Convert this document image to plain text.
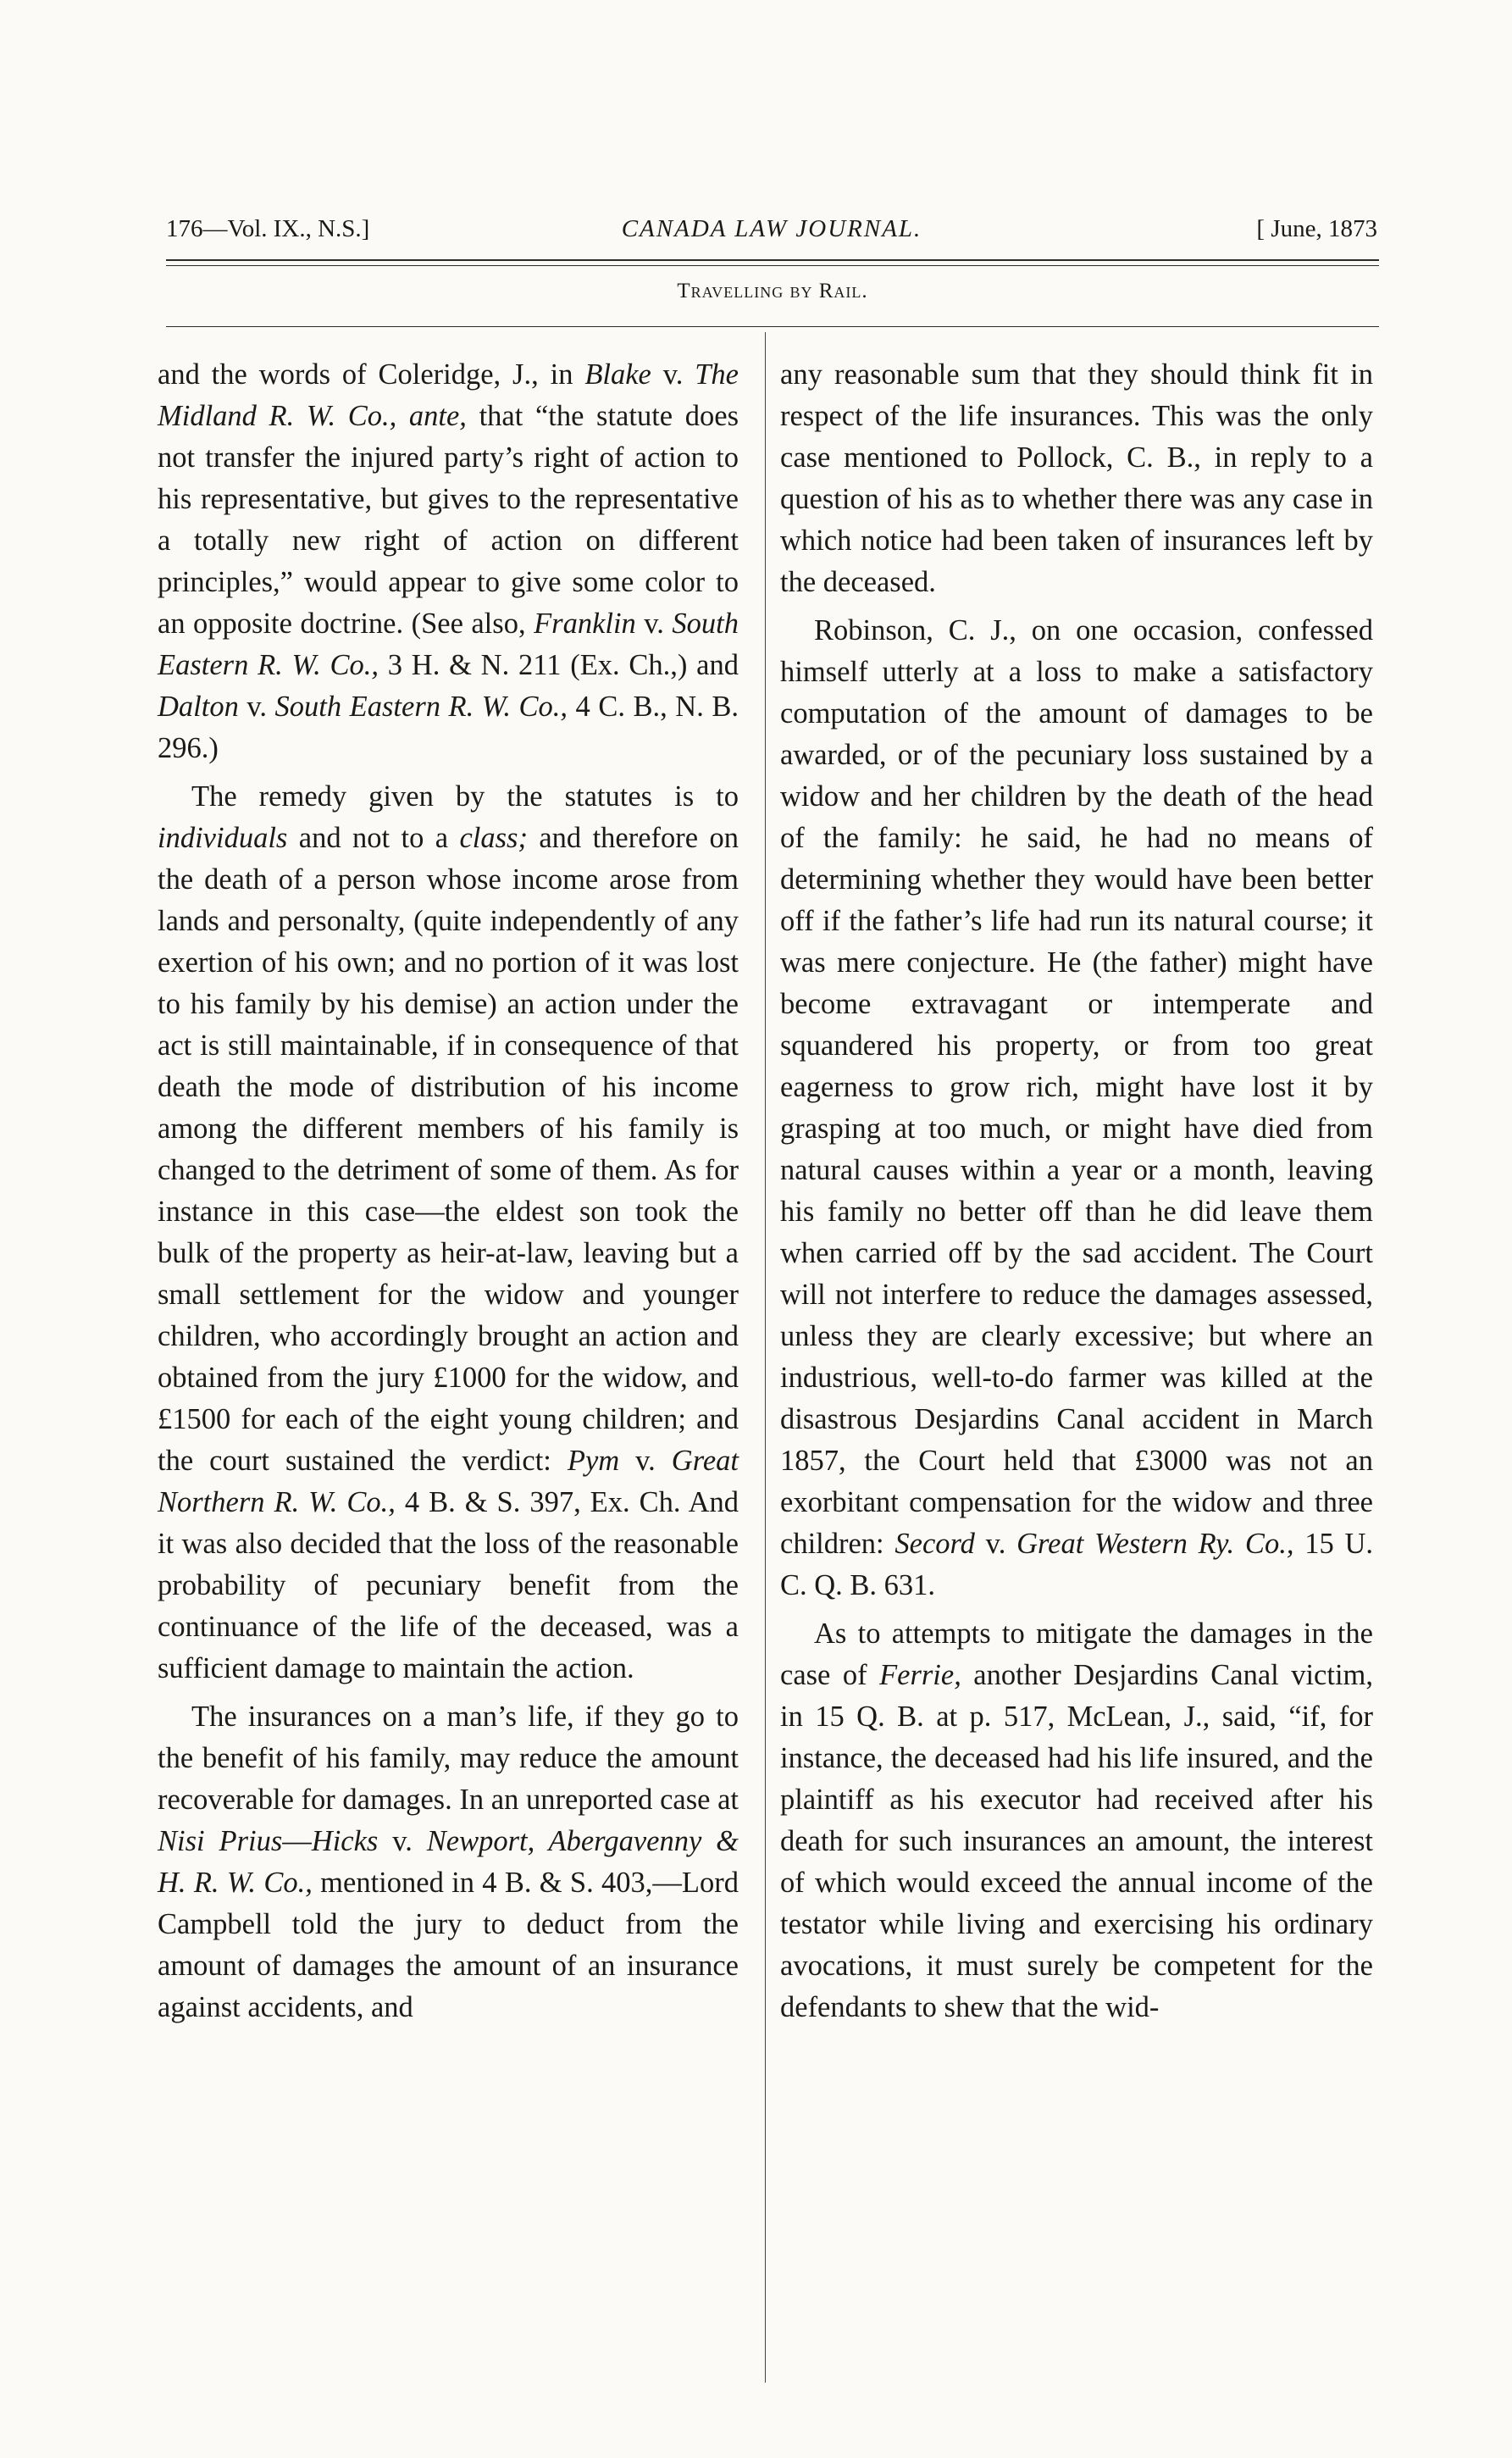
176—Vol. IX., N.S.]	CANADA LAW JOURNAL.	[ June, 1873
Travelling by Rail.

and the words of Coleridge, J., in Blake v. The Midland R. W. Co., ante, that “the statute does not transfer the injured party’s right of action to his representative, but gives to the representative a totally new right of action on different principles,” would appear to give some color to an opposite doctrine. (See also, Franklin v. South Eastern R. W. Co., 3 H. & N. 211 (Ex. Ch.,) and Dalton v. South Eastern R. W. Co., 4 C. B., N. B. 296.)

The remedy given by the statutes is to individuals and not to a class; and therefore on the death of a person whose income arose from lands and personalty, (quite independently of any exertion of his own; and no portion of it was lost to his family by his demise) an action under the act is still maintainable, if in consequence of that death the mode of distribution of his income among the different members of his family is changed to the detriment of some of them. As for instance in this case—the eldest son took the bulk of the property as heir-at-law, leaving but a small settlement for the widow and younger children, who accordingly brought an action and obtained from the jury £1000 for the widow, and £1500 for each of the eight young children; and the court sustained the verdict: Pym v. Great Northern R. W. Co., 4 B. & S. 397, Ex. Ch. And it was also decided that the loss of the reasonable probability of pecuniary benefit from the continuance of the life of the deceased, was a sufficient damage to maintain the action.

The insurances on a man’s life, if they go to the benefit of his family, may reduce the amount recoverable for damages. In an unreported case at Nisi Prius—Hicks v. Newport, Abergavenny & H. R. W. Co., mentioned in 4 B. & S. 403,—Lord Campbell told the jury to deduct from the amount of damages the amount of an insurance against accidents, and

any reasonable sum that they should think fit in respect of the life insurances. This was the only case mentioned to Pollock, C. B., in reply to a question of his as to whether there was any case in which notice had been taken of insurances left by the deceased.

Robinson, C. J., on one occasion, confessed himself utterly at a loss to make a satisfactory computation of the amount of damages to be awarded, or of the pecuniary loss sustained by a widow and her children by the death of the head of the family: he said, he had no means of determining whether they would have been better off if the father’s life had run its natural course; it was mere conjecture. He (the father) might have become extravagant or intemperate and squandered his property, or from too great eagerness to grow rich, might have lost it by grasping at too much, or might have died from natural causes within a year or a month, leaving his family no better off than he did leave them when carried off by the sad accident. The Court will not interfere to reduce the damages assessed, unless they are clearly excessive; but where an industrious, well-to-do farmer was killed at the disastrous Desjardins Canal accident in March 1857, the Court held that £3000 was not an exorbitant compensation for the widow and three children: Secord v. Great Western Ry. Co., 15 U. C. Q. B. 631.

As to attempts to mitigate the damages in the case of Ferrie, another Desjardins Canal victim, in 15 Q. B. at p. 517, McLean, J., said, “if, for instance, the deceased had his life insured, and the plaintiff as his executor had received after his death for such insurances an amount, the interest of which would exceed the annual income of the testator while living and exercising his ordinary avocations, it must surely be competent for the defendants to shew that the wid-
